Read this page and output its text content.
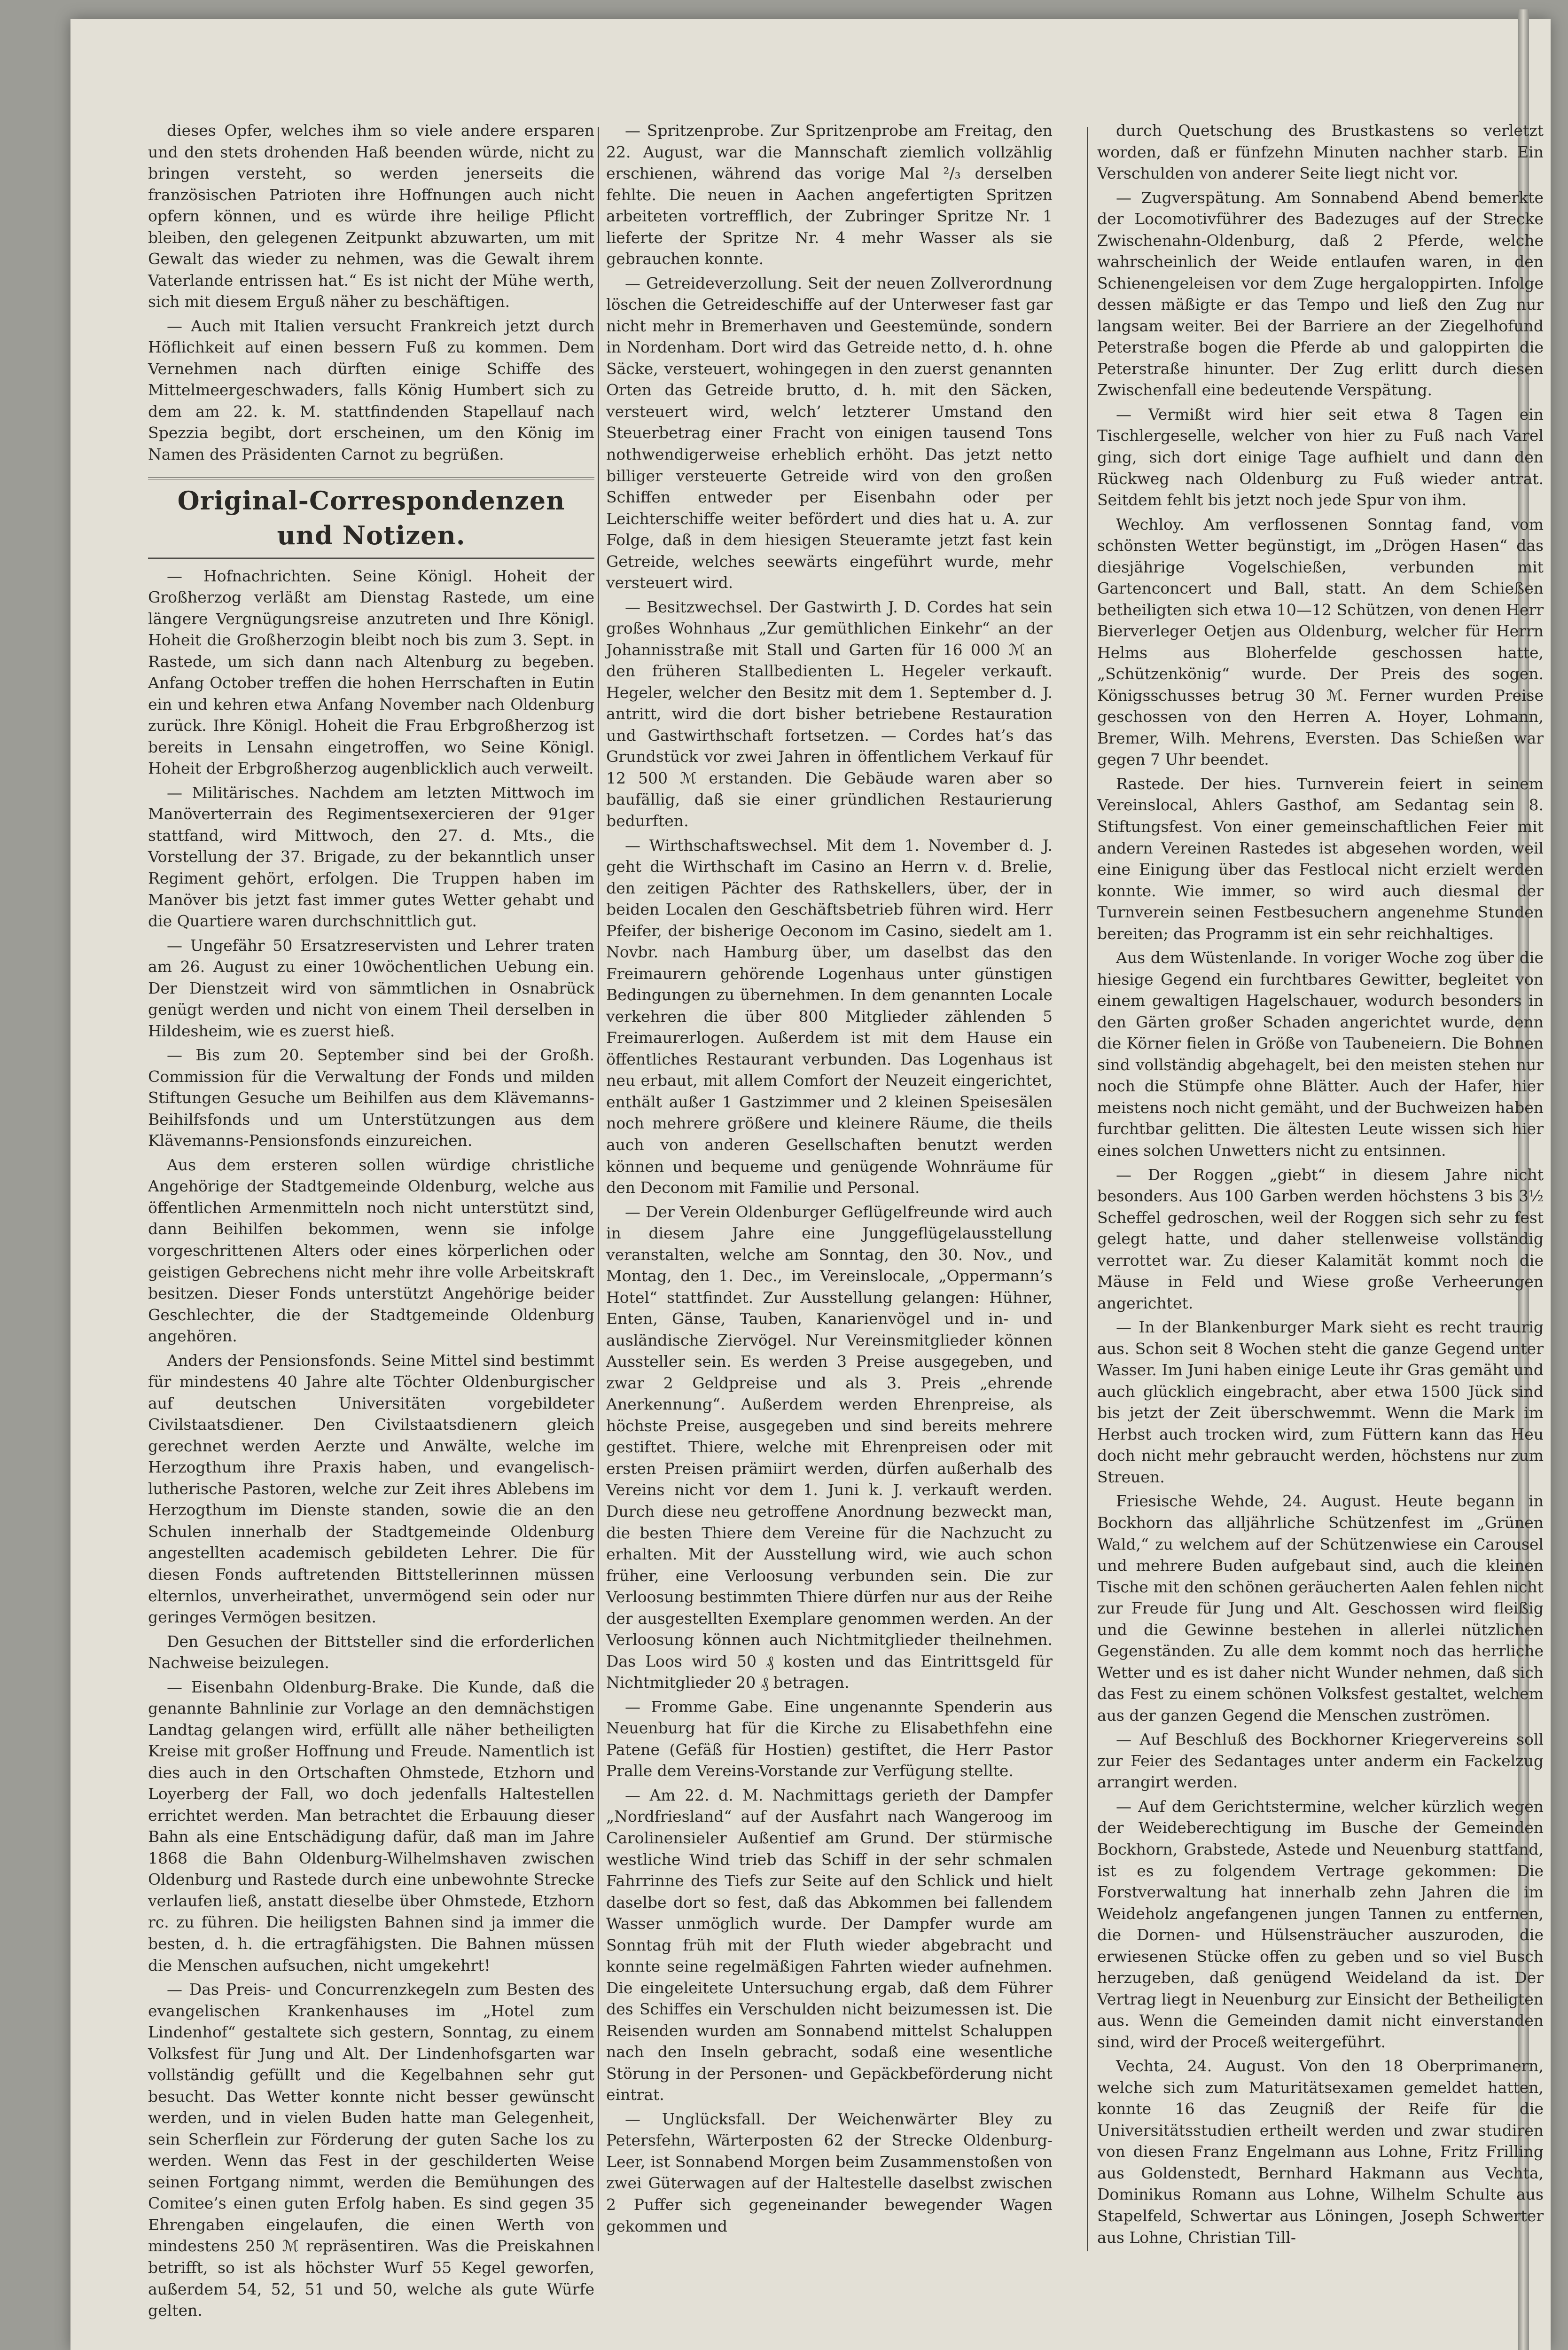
dieses Opfer, welches ihm so viele andere ersparen und den stets drohenden Haß beenden würde, nicht zu bringen versteht, so werden jenerseits die französischen Patrioten ihre Hoffnungen auch nicht opfern können, und es würde ihre heilige Pflicht bleiben, den gelegenen Zeitpunkt abzuwarten, um mit Gewalt das wieder zu nehmen, was die Gewalt ihrem Vaterlande entrissen hat.“ Es ist nicht der Mühe werth, sich mit diesem Erguß näher zu beschäftigen.

— Auch mit Italien versucht Frankreich jetzt durch Höflichkeit auf einen bessern Fuß zu kommen. Dem Vernehmen nach dürften einige Schiffe des Mittelmeergeschwaders, falls König Humbert sich zu dem am 22. k. M. stattfindenden Stapellauf nach Spezzia begibt, dort erscheinen, um den König im Namen des Präsidenten Carnot zu begrüßen.

Original-Correspondenzen und Notizen.

— Hofnachrichten. Seine Königl. Hoheit der Großherzog verläßt am Dienstag Rastede, um eine längere Vergnügungsreise anzutreten und Ihre Königl. Hoheit die Großherzogin bleibt noch bis zum 3. Sept. in Rastede, um sich dann nach Altenburg zu begeben. Anfang October treffen die hohen Herrschaften in Eutin ein und kehren etwa Anfang November nach Oldenburg zurück. Ihre Königl. Hoheit die Frau Erbgroßherzog ist bereits in Lensahn eingetroffen, wo Seine Königl. Hoheit der Erbgroßherzog augenblicklich auch verweilt.

— Militärisches. Nachdem am letzten Mittwoch im Manöverterrain des Regimentsexercieren der 91ger stattfand, wird Mittwoch, den 27. d. Mts., die Vorstellung der 37. Brigade, zu der bekanntlich unser Regiment gehört, erfolgen. Die Truppen haben im Manöver bis jetzt fast immer gutes Wetter gehabt und die Quartiere waren durchschnittlich gut.

— Ungefähr 50 Ersatzreservisten und Lehrer traten am 26. August zu einer 10wöchentlichen Uebung ein. Der Dienstzeit wird von sämmtlichen in Osnabrück genügt werden und nicht von einem Theil derselben in Hildesheim, wie es zuerst hieß.

— Bis zum 20. September sind bei der Großh. Commission für die Verwaltung der Fonds und milden Stiftungen Gesuche um Beihilfen aus dem Klävemanns-Beihilfsfonds und um Unterstützungen aus dem Klävemanns-Pensionsfonds einzureichen.

Aus dem ersteren sollen würdige christliche Angehörige der Stadtgemeinde Oldenburg, welche aus öffentlichen Armenmitteln noch nicht unterstützt sind, dann Beihilfen bekommen, wenn sie infolge vorgeschrittenen Alters oder eines körperlichen oder geistigen Gebrechens nicht mehr ihre volle Arbeitskraft besitzen. Dieser Fonds unterstützt Angehörige beider Geschlechter, die der Stadtgemeinde Oldenburg angehören.

Anders der Pensionsfonds. Seine Mittel sind bestimmt für mindestens 40 Jahre alte Töchter Oldenburgischer auf deutschen Universitäten vorgebildeter Civilstaatsdiener. Den Civilstaatsdienern gleich gerechnet werden Aerzte und Anwälte, welche im Herzogthum ihre Praxis haben, und evangelisch-lutherische Pastoren, welche zur Zeit ihres Ablebens im Herzogthum im Dienste standen, sowie die an den Schulen innerhalb der Stadtgemeinde Oldenburg angestellten academisch gebildeten Lehrer. Die für diesen Fonds auftretenden Bittstellerinnen müssen elternlos, unverheirathet, unvermögend sein oder nur geringes Vermögen besitzen.

Den Gesuchen der Bittsteller sind die erforderlichen Nachweise beizulegen.

— Eisenbahn Oldenburg-Brake. Die Kunde, daß die genannte Bahnlinie zur Vorlage an den demnächstigen Landtag gelangen wird, erfüllt alle näher betheiligten Kreise mit großer Hoffnung und Freude. Namentlich ist dies auch in den Ortschaften Ohmstede, Etzhorn und Loyerberg der Fall, wo doch jedenfalls Haltestellen errichtet werden. Man betrachtet die Erbauung dieser Bahn als eine Entschädigung dafür, daß man im Jahre 1868 die Bahn Oldenburg-Wilhelmshaven zwischen Oldenburg und Rastede durch eine unbewohnte Strecke verlaufen ließ, anstatt dieselbe über Ohmstede, Etzhorn rc. zu führen. Die heiligsten Bahnen sind ja immer die besten, d. h. die ertragfähigsten. Die Bahnen müssen die Menschen aufsuchen, nicht umgekehrt!

— Das Preis- und Concurrenzkegeln zum Besten des evangelischen Krankenhauses im „Hotel zum Lindenhof“ gestaltete sich gestern, Sonntag, zu einem Volksfest für Jung und Alt. Der Lindenhofsgarten war vollständig gefüllt und die Kegelbahnen sehr gut besucht. Das Wetter konnte nicht besser gewünscht werden, und in vielen Buden hatte man Gelegenheit, sein Scherflein zur Förderung der guten Sache los zu werden. Wenn das Fest in der geschilderten Weise seinen Fortgang nimmt, werden die Bemühungen des Comitee’s einen guten Erfolg haben. Es sind gegen 35 Ehrengaben eingelaufen, die einen Werth von mindestens 250 ℳ repräsentiren. Was die Preiskahnen betrifft, so ist als höchster Wurf 55 Kegel geworfen, außerdem 54, 52, 51 und 50, welche als gute Würfe gelten.

— Spritzenprobe. Zur Spritzenprobe am Freitag, den 22. August, war die Mannschaft ziemlich vollzählig erschienen, während das vorige Mal ²/₃ derselben fehlte. Die neuen in Aachen angefertigten Spritzen arbeiteten vortrefflich, der Zubringer Spritze Nr. 1 lieferte der Spritze Nr. 4 mehr Wasser als sie gebrauchen konnte.

— Getreideverzollung. Seit der neuen Zollverordnung löschen die Getreideschiffe auf der Unterweser fast gar nicht mehr in Bremerhaven und Geestemünde, sondern in Nordenham. Dort wird das Getreide netto, d. h. ohne Säcke, versteuert, wohingegen in den zuerst genannten Orten das Getreide brutto, d. h. mit den Säcken, versteuert wird, welch’ letzterer Umstand den Steuerbetrag einer Fracht von einigen tausend Tons nothwendigerweise erheblich erhöht. Das jetzt netto billiger versteuerte Getreide wird von den großen Schiffen entweder per Eisenbahn oder per Leichterschiffe weiter befördert und dies hat u. A. zur Folge, daß in dem hiesigen Steueramte jetzt fast kein Getreide, welches seewärts eingeführt wurde, mehr versteuert wird.

— Besitzwechsel. Der Gastwirth J. D. Cordes hat sein großes Wohnhaus „Zur gemüthlichen Einkehr“ an der Johannisstraße mit Stall und Garten für 16 000 ℳ an den früheren Stallbedienten L. Hegeler verkauft. Hegeler, welcher den Besitz mit dem 1. September d. J. antritt, wird die dort bisher betriebene Restauration und Gastwirthschaft fortsetzen. — Cordes hat’s das Grundstück vor zwei Jahren in öffentlichem Verkauf für 12 500 ℳ erstanden. Die Gebäude waren aber so baufällig, daß sie einer gründlichen Restaurierung bedurften.

— Wirthschaftswechsel. Mit dem 1. November d. J. geht die Wirthschaft im Casino an Herrn v. d. Brelie, den zeitigen Pächter des Rathskellers, über, der in beiden Localen den Geschäftsbetrieb führen wird. Herr Pfeifer, der bisherige Oeconom im Casino, siedelt am 1. Novbr. nach Hamburg über, um daselbst das den Freimaurern gehörende Logenhaus unter günstigen Bedingungen zu übernehmen. In dem genannten Locale verkehren die über 800 Mitglieder zählenden 5 Freimaurerlogen. Außerdem ist mit dem Hause ein öffentliches Restaurant verbunden. Das Logenhaus ist neu erbaut, mit allem Comfort der Neuzeit eingerichtet, enthält außer 1 Gastzimmer und 2 kleinen Speisesälen noch mehrere größere und kleinere Räume, die theils auch von anderen Gesellschaften benutzt werden können und bequeme und genügende Wohnräume für den Deconom mit Familie und Personal.

— Der Verein Oldenburger Geflügelfreunde wird auch in diesem Jahre eine Junggeflügelausstellung veranstalten, welche am Sonntag, den 30. Nov., und Montag, den 1. Dec., im Vereinslocale, „Oppermann’s Hotel“ stattfindet. Zur Ausstellung gelangen: Hühner, Enten, Gänse, Tauben, Kanarienvögel und in- und ausländische Ziervögel. Nur Vereinsmitglieder können Aussteller sein. Es werden 3 Preise ausgegeben, und zwar 2 Geldpreise und als 3. Preis „ehrende Anerkennung“. Außerdem werden Ehrenpreise, als höchste Preise, ausgegeben und sind bereits mehrere gestiftet. Thiere, welche mit Ehrenpreisen oder mit ersten Preisen prämiirt werden, dürfen außerhalb des Vereins nicht vor dem 1. Juni k. J. verkauft werden. Durch diese neu getroffene Anordnung bezweckt man, die besten Thiere dem Vereine für die Nachzucht zu erhalten. Mit der Ausstellung wird, wie auch schon früher, eine Verloosung verbunden sein. Die zur Verloosung bestimmten Thiere dürfen nur aus der Reihe der ausgestellten Exemplare genommen werden. An der Verloosung können auch Nichtmitglieder theilnehmen. Das Loos wird 50 ₰ kosten und das Eintrittsgeld für Nichtmitglieder 20 ₰ betragen.

— Fromme Gabe. Eine ungenannte Spenderin aus Neuenburg hat für die Kirche zu Elisabethfehn eine Patene (Gefäß für Hostien) gestiftet, die Herr Pastor Pralle dem Vereins-Vorstande zur Verfügung stellte.

— Am 22. d. M. Nachmittags gerieth der Dampfer „Nordfriesland“ auf der Ausfahrt nach Wangeroog im Carolinensieler Außentief am Grund. Der stürmische westliche Wind trieb das Schiff in der sehr schmalen Fahrrinne des Tiefs zur Seite auf den Schlick und hielt daselbe dort so fest, daß das Abkommen bei fallendem Wasser unmöglich wurde. Der Dampfer wurde am Sonntag früh mit der Fluth wieder abgebracht und konnte seine regelmäßigen Fahrten wieder aufnehmen. Die eingeleitete Untersuchung ergab, daß dem Führer des Schiffes ein Verschulden nicht beizumessen ist. Die Reisenden wurden am Sonnabend mittelst Schaluppen nach den Inseln gebracht, sodaß eine wesentliche Störung in der Personen- und Gepäckbeförderung nicht eintrat.

— Unglücksfall. Der Weichenwärter Bley zu Petersfehn, Wärterposten 62 der Strecke Oldenburg-Leer, ist Sonnabend Morgen beim Zusammenstoßen von zwei Güterwagen auf der Haltestelle daselbst zwischen 2 Puffer sich gegeneinander bewegender Wagen gekommen und

durch Quetschung des Brustkastens so verletzt worden, daß er fünfzehn Minuten nachher starb. Ein Verschulden von anderer Seite liegt nicht vor.

— Zugverspätung. Am Sonnabend Abend bemerkte der Locomotivführer des Badezuges auf der Strecke Zwischenahn-Oldenburg, daß 2 Pferde, welche wahrscheinlich der Weide entlaufen waren, in den Schienengeleisen vor dem Zuge hergaloppirten. Infolge dessen mäßigte er das Tempo und ließ den Zug nur langsam weiter. Bei der Barriere an der Ziegelhofund Peterstraße bogen die Pferde ab und galoppirten die Peterstraße hinunter. Der Zug erlitt durch diesen Zwischenfall eine bedeutende Verspätung.

— Vermißt wird hier seit etwa 8 Tagen ein Tischlergeselle, welcher von hier zu Fuß nach Varel ging, sich dort einige Tage aufhielt und dann den Rückweg nach Oldenburg zu Fuß wieder antrat. Seitdem fehlt bis jetzt noch jede Spur von ihm.

Wechloy. Am verflossenen Sonntag fand, vom schönsten Wetter begünstigt, im „Drögen Hasen“ das diesjährige Vogelschießen, verbunden mit Gartenconcert und Ball, statt. An dem Schießen betheiligten sich etwa 10—12 Schützen, von denen Herr Bierverleger Oetjen aus Oldenburg, welcher für Herrn Helms aus Bloherfelde geschossen hatte, „Schützenkönig“ wurde. Der Preis des sogen. Königsschusses betrug 30 ℳ. Ferner wurden Preise geschossen von den Herren A. Hoyer, Lohmann, Bremer, Wilh. Mehrens, Eversten. Das Schießen war gegen 7 Uhr beendet.

Rastede. Der hies. Turnverein feiert in seinem Vereinslocal, Ahlers Gasthof, am Sedantag sein 8. Stiftungsfest. Von einer gemeinschaftlichen Feier mit andern Vereinen Rastedes ist abgesehen worden, weil eine Einigung über das Festlocal nicht erzielt werden konnte. Wie immer, so wird auch diesmal der Turnverein seinen Festbesuchern angenehme Stunden bereiten; das Programm ist ein sehr reichhaltiges.

Aus dem Wüstenlande. In voriger Woche zog über die hiesige Gegend ein furchtbares Gewitter, begleitet von einem gewaltigen Hagelschauer, wodurch besonders in den Gärten großer Schaden angerichtet wurde, denn die Körner fielen in Größe von Taubeneiern. Die Bohnen sind vollständig abgehagelt, bei den meisten stehen nur noch die Stümpfe ohne Blätter. Auch der Hafer, hier meistens noch nicht gemäht, und der Buchweizen haben furchtbar gelitten. Die ältesten Leute wissen sich hier eines solchen Unwetters nicht zu entsinnen.

— Der Roggen „giebt“ in diesem Jahre nicht besonders. Aus 100 Garben werden höchstens 3 bis 3½ Scheffel gedroschen, weil der Roggen sich sehr zu fest gelegt hatte, und daher stellenweise vollständig verrottet war. Zu dieser Kalamität kommt noch die Mäuse in Feld und Wiese große Verheerungen angerichtet.

— In der Blankenburger Mark sieht es recht traurig aus. Schon seit 8 Wochen steht die ganze Gegend unter Wasser. Im Juni haben einige Leute ihr Gras gemäht und auch glücklich eingebracht, aber etwa 1500 Jück sind bis jetzt der Zeit überschwemmt. Wenn die Mark im Herbst auch trocken wird, zum Füttern kann das Heu doch nicht mehr gebraucht werden, höchstens nur zum Streuen.

Friesische Wehde, 24. August. Heute begann in Bockhorn das alljährliche Schützenfest im „Grünen Wald,“ zu welchem auf der Schützenwiese ein Carousel und mehrere Buden aufgebaut sind, auch die kleinen Tische mit den schönen geräucherten Aalen fehlen nicht zur Freude für Jung und Alt. Geschossen wird fleißig und die Gewinne bestehen in allerlei nützlichen Gegenständen. Zu alle dem kommt noch das herrliche Wetter und es ist daher nicht Wunder nehmen, daß sich das Fest zu einem schönen Volksfest gestaltet, welchem aus der ganzen Gegend die Menschen zuströmen.

— Auf Beschluß des Bockhorner Kriegervereins soll zur Feier des Sedantages unter anderm ein Fackelzug arrangirt werden.

— Auf dem Gerichtstermine, welcher kürzlich wegen der Weideberechtigung im Busche der Gemeinden Bockhorn, Grabstede, Astede und Neuenburg stattfand, ist es zu folgendem Vertrage gekommen: Die Forstverwaltung hat innerhalb zehn Jahren die im Weideholz angefangenen jungen Tannen zu entfernen, die Dornen- und Hülsensträucher auszuroden, die erwiesenen Stücke offen zu geben und so viel Busch herzugeben, daß genügend Weideland da ist. Der Vertrag liegt in Neuenburg zur Einsicht der Betheiligten aus. Wenn die Gemeinden damit nicht einverstanden sind, wird der Proceß weitergeführt.

Vechta, 24. August. Von den 18 Oberprimanern, welche sich zum Maturitätsexamen gemeldet hatten, konnte 16 das Zeugniß der Reife für die Universitätsstudien ertheilt werden und zwar studiren von diesen Franz Engelmann aus Lohne, Fritz Frilling aus Goldenstedt, Bernhard Hakmann aus Vechta, Dominikus Romann aus Lohne, Wilhelm Schulte aus Stapelfeld, Schwertar aus Löningen, Joseph Schwerter aus Lohne, Christian Till-
